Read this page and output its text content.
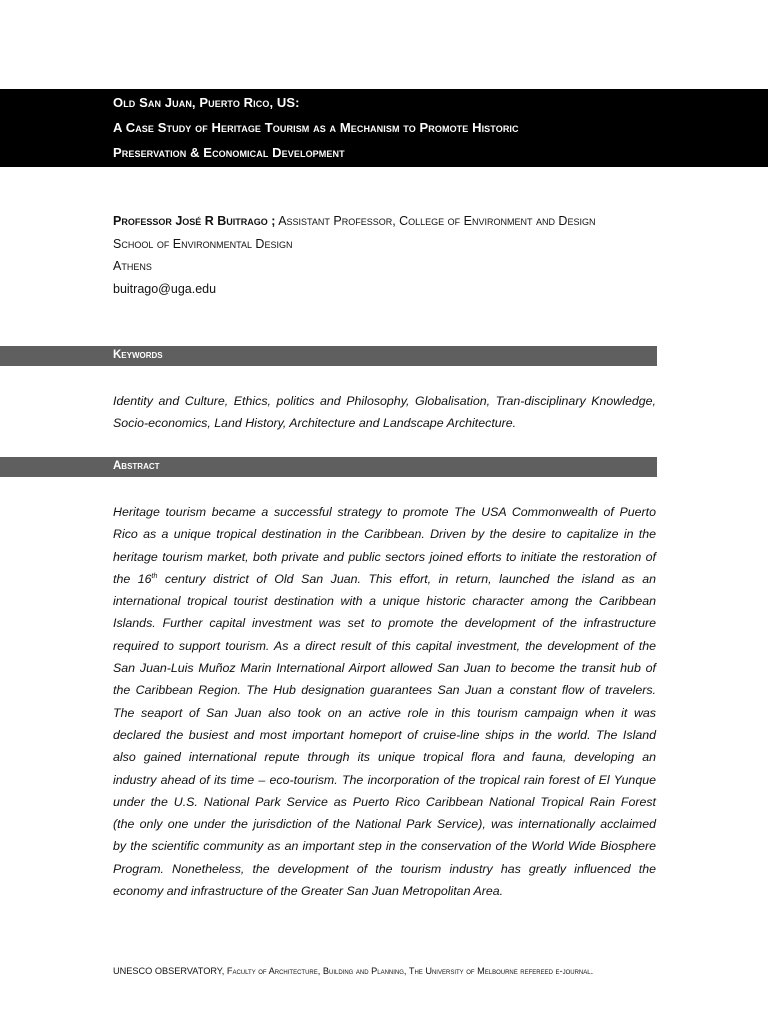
Old San Juan, Puerto Rico, US:
A Case Study of Heritage Tourism as a Mechanism to Promote Historic
Preservation & Economical Development
Professor José R Buitrago ; Assistant Professor, College of Environment and Design
School of Environmental Design
Athens
buitrago@uga.edu
Keywords
Identity and Culture, Ethics, politics and Philosophy, Globalisation, Tran-disciplinary Knowledge,
Socio-economics, Land History, Architecture and Landscape Architecture.
Abstract
Heritage tourism became a successful strategy to promote The USA Commonwealth of Puerto
Rico as a unique tropical destination in the Caribbean. Driven by the desire to capitalize in the
heritage tourism market, both private and public sectors joined efforts to initiate the restoration of
the 16th century district of Old San Juan. This effort, in return, launched the island as an
international tropical tourist destination with a unique historic character among the Caribbean
Islands. Further capital investment was set to promote the development of the infrastructure
required to support tourism. As a direct result of this capital investment, the development of the
San Juan-Luis Muñoz Marin International Airport allowed San Juan to become the transit hub of
the Caribbean Region. The Hub designation guarantees San Juan a constant flow of travelers.
The seaport of San Juan also took on an active role in this tourism campaign when it was
declared the busiest and most important homeport of cruise-line ships in the world. The Island
also gained international repute through its unique tropical flora and fauna, developing an
industry ahead of its time – eco-tourism. The incorporation of the tropical rain forest of El Yunque
under the U.S. National Park Service as Puerto Rico Caribbean National Tropical Rain Forest
(the only one under the jurisdiction of the National Park Service), was internationally acclaimed
by the scientific community as an important step in the conservation of the World Wide Biosphere
Program. Nonetheless, the development of the tourism industry has greatly influenced the
economy and infrastructure of the Greater San Juan Metropolitan Area.
UNESCO OBSERVATORY, Faculty of Architecture, Building and Planning, The University of Melbourne refereed e-journal.
